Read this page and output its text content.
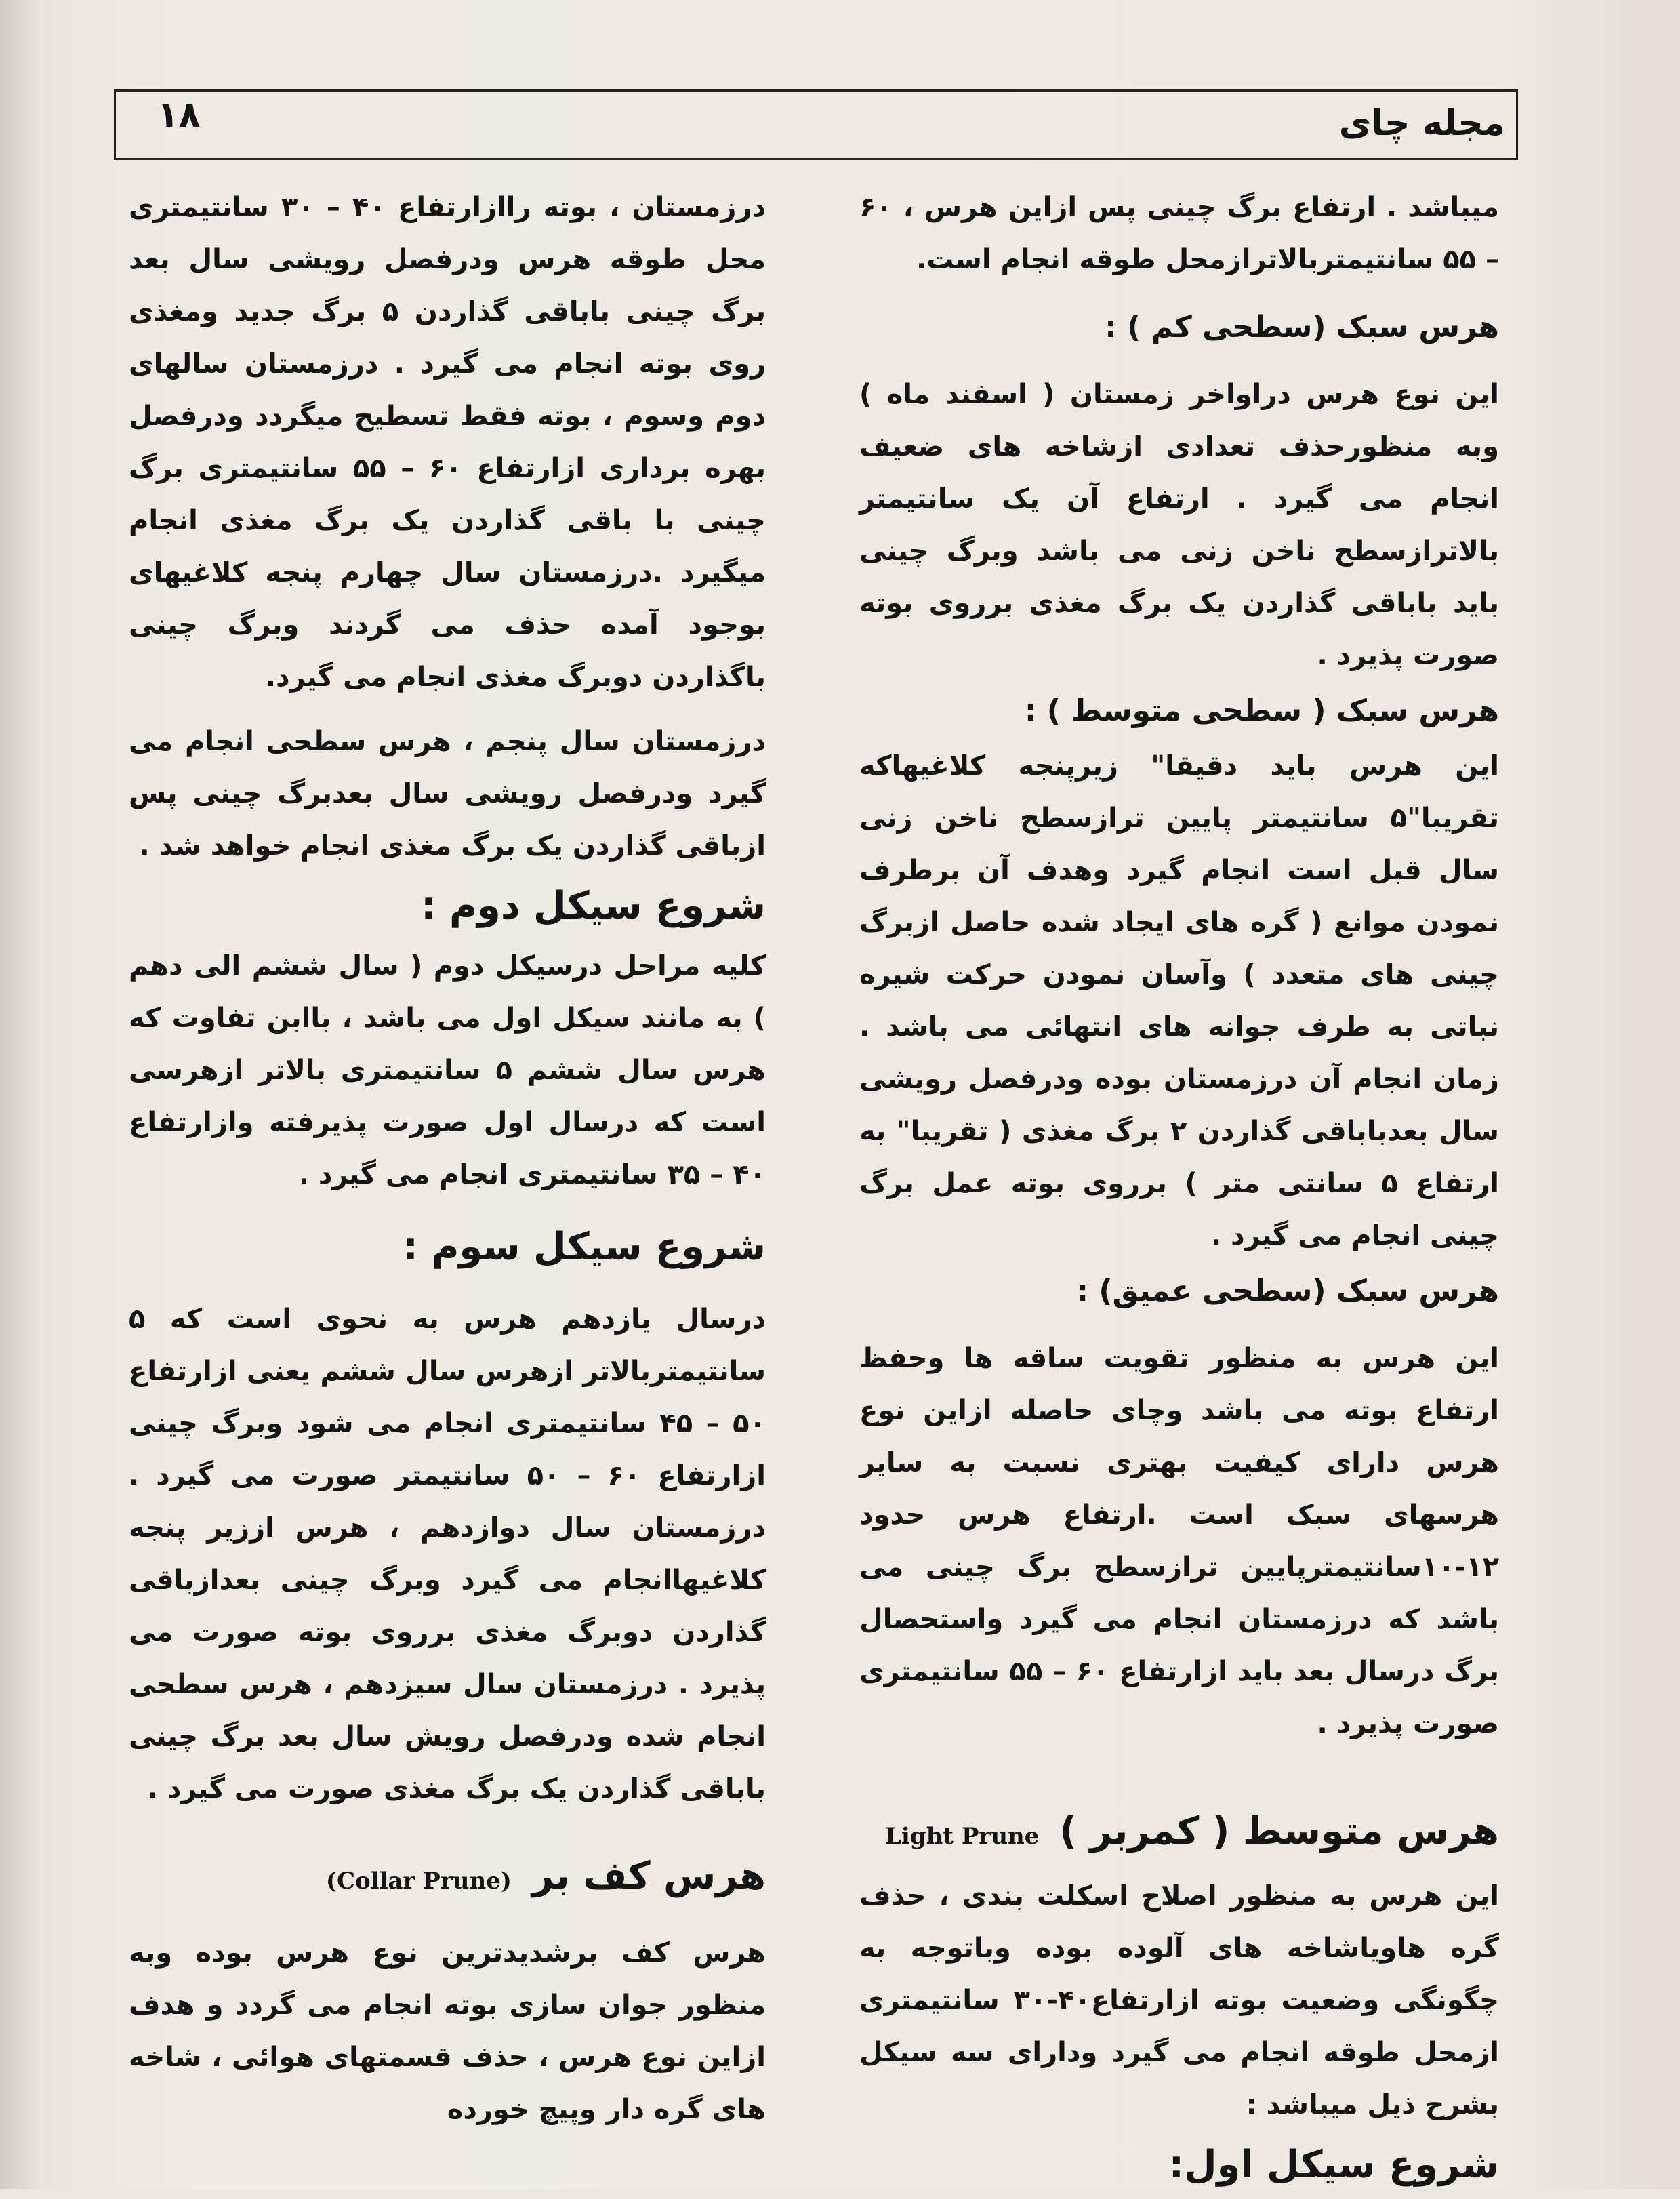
مجله چای
۱۸

میباشد . ارتفاع برگ چینی پس ازاین هرس ، ۶۰ – ۵۵ سانتیمتربالاترازمحل طوقه انجام است.

هرس سبک (سطحی کم ) :

این نوع هرس دراواخر زمستان ( اسفند ماه ) وبه منظورحذف تعدادی ازشاخه های ضعیف انجام می گیرد . ارتفاع آن یک سانتیمتر بالاترازسطح ناخن زنی می باشد وبرگ چینی باید باباقی گذاردن یک برگ مغذی برروی بوته صورت پذیرد .

هرس سبک ( سطحی متوسط ) :

این هرس باید دقیقا" زیرپنجه کلاغیهاکه تقریبا"۵ سانتیمتر پایین ترازسطح ناخن زنی سال قبل است انجام گیرد وهدف آن برطرف نمودن موانع ( گره های ایجاد شده حاصل ازبرگ چینی های متعدد ) وآسان نمودن حرکت شیره نباتی به طرف جوانه های انتهائی می باشد . زمان انجام آن درزمستان بوده ودرفصل رویشی سال بعدباباقی گذاردن ۲ برگ مغذی ( تقریبا" به ارتفاع ۵ سانتی متر ) برروی بوته عمل برگ چینی انجام می گیرد .

هرس سبک (سطحی عمیق) :

این هرس به منظور تقویت ساقه ها وحفظ ارتفاع بوته می باشد وچای حاصله ازاین نوع هرس دارای کیفیت بهتری نسبت به سایر هرسهای سبک است .ارتفاع هرس حدود ۱۲-۱۰سانتیمترپایین ترازسطح برگ چینی می باشد که درزمستان انجام می گیرد واستحصال برگ درسال بعد باید ازارتفاع ۶۰ – ۵۵ سانتیمتری صورت پذیرد .

هرس متوسط ( کمربر )Light Prune

این هرس به منظور اصلاح اسکلت بندی ، حذف گره هاوياشاخه های آلوده بوده وباتوجه به چگونگی وضعیت بوته ازارتفاع۴۰-۳۰ سانتیمتری ازمحل طوقه انجام می گیرد ودارای سه سیکل بشرح ذیل میباشد :

شروع سیکل اول:

درزمستان ، بوته راازارتفاع ۴۰ – ۳۰ سانتیمتری محل طوقه هرس ودرفصل رویشی سال بعد برگ چینی باباقی گذاردن ۵ برگ جدید ومغذی روی بوته انجام می گیرد . درزمستان سالهای دوم وسوم ، بوته فقط تسطیح میگردد ودرفصل بهره برداری ازارتفاع ۶۰ – ۵۵ سانتیمتری برگ چینی با باقی گذاردن یک برگ مغذی انجام میگیرد .درزمستان سال چهارم پنجه کلاغیهای بوجود آمده حذف می گردند وبرگ چینی باگذاردن دوبرگ مغذی انجام می گیرد.

درزمستان سال پنجم ، هرس سطحی انجام می گیرد ودرفصل رویشی سال بعدبرگ چینی پس ازباقی گذاردن یک برگ مغذی انجام خواهد شد .

شروع سیکل دوم :

کلیه مراحل درسیکل دوم ( سال ششم الی دهم ) به مانند سیکل اول می باشد ، باابن تفاوت که هرس سال ششم ۵ سانتیمتری بالاتر ازهرسی است که درسال اول صورت پذیرفته وازارتفاع ۴۰ – ۳۵ سانتیمتری انجام می گیرد .

شروع سیکل سوم :

درسال یازدهم هرس به نحوی است که ۵ سانتیمتربالاتر ازهرس سال ششم یعنی ازارتفاع ۵۰ – ۴۵ سانتیمتری انجام می شود وبرگ چینی ازارتفاع ۶۰ – ۵۰ سانتیمتر صورت می گیرد . درزمستان سال دوازدهم ، هرس اززیر پنجه کلاغیهاانجام می گیرد وبرگ چینی بعدازباقی گذاردن دوبرگ مغذی برروی بوته صورت می پذیرد . درزمستان سال سیزدهم ، هرس سطحی انجام شده ودرفصل رویش سال بعد برگ چینی باباقی گذاردن یک برگ مغذی صورت می گیرد .

هرس کف بر(Collar Prune)

هرس کف برشدیدترین نوع هرس بوده وبه منظور جوان سازی بوته انجام می گردد و هدف ازاین نوع هرس ، حذف قسمتهای هوائی ، شاخه های گره دار وپیچ خورده
